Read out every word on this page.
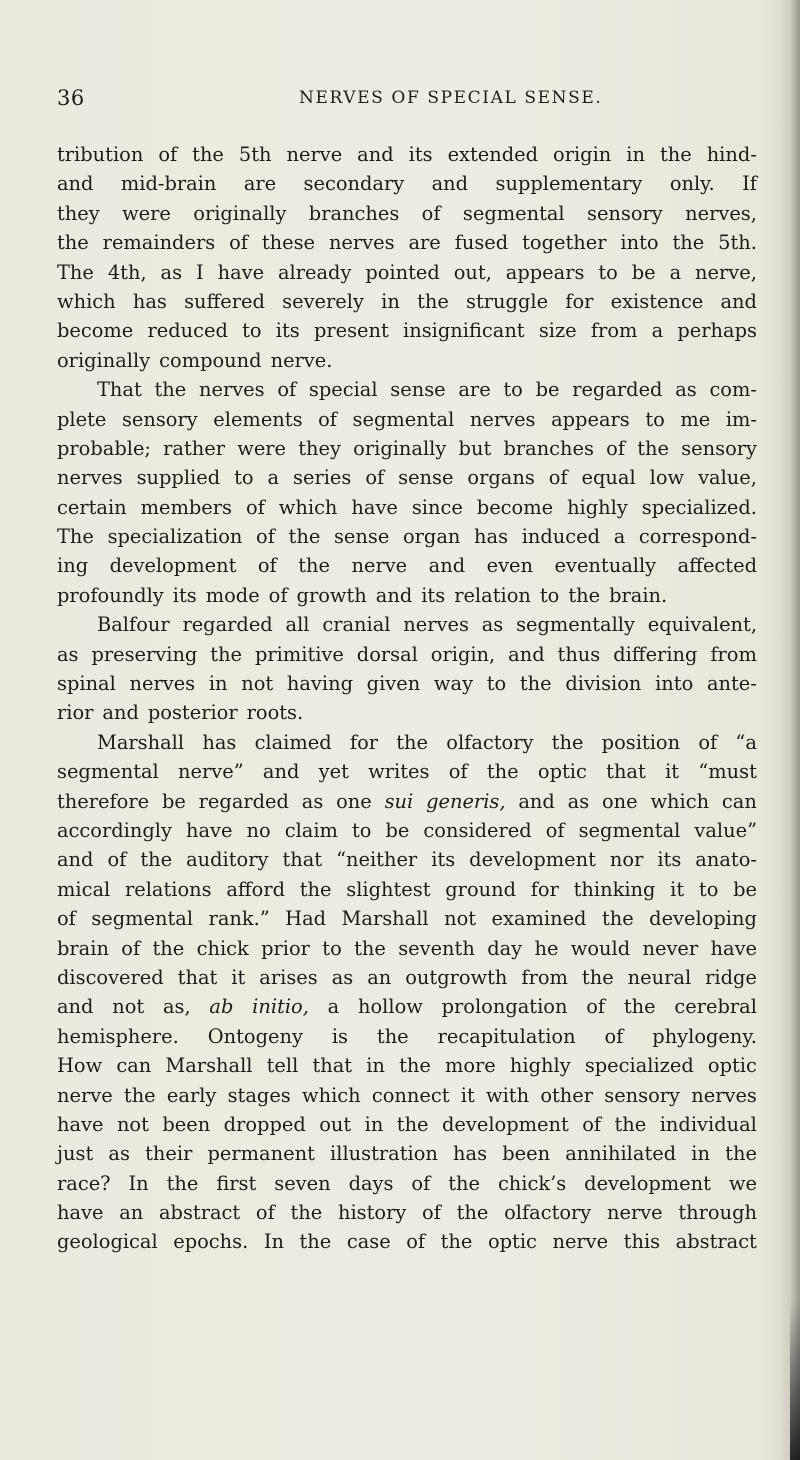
36	NERVES OF SPECIAL SENSE.
tribution of the 5th nerve and its extended origin in the hind-
and mid-brain are secondary and supplementary only. If
they were originally branches of segmental sensory nerves,
the remainders of these nerves are fused together into the 5th.
The 4th, as I have already pointed out, appears to be a nerve,
which has suffered severely in the struggle for existence and
become reduced to its present insignificant size from a perhaps
originally compound nerve.
That the nerves of special sense are to be regarded as com-
plete sensory elements of segmental nerves appears to me im-
probable; rather were they originally but branches of the sensory
nerves supplied to a series of sense organs of equal low value,
certain members of which have since become highly specialized.
The specialization of the sense organ has induced a correspond-
ing development of the nerve and even eventually affected
profoundly its mode of growth and its relation to the brain.
Balfour regarded all cranial nerves as segmentally equivalent,
as preserving the primitive dorsal origin, and thus differing from
spinal nerves in not having given way to the division into ante-
rior and posterior roots.
Marshall has claimed for the olfactory the position of “a
segmental nerve” and yet writes of the optic that it “must
therefore be regarded as one sui generis, and as one which can
accordingly have no claim to be considered of segmental value”
and of the auditory that “neither its development nor its anato-
mical relations afford the slightest ground for thinking it to be
of segmental rank.” Had Marshall not examined the developing
brain of the chick prior to the seventh day he would never have
discovered that it arises as an outgrowth from the neural ridge
and not as, ab initio, a hollow prolongation of the cerebral
hemisphere. Ontogeny is the recapitulation of phylogeny.
How can Marshall tell that in the more highly specialized optic
nerve the early stages which connect it with other sensory nerves
have not been dropped out in the development of the individual
just as their permanent illustration has been annihilated in the
race? In the first seven days of the chick’s development we
have an abstract of the history of the olfactory nerve through
geological epochs. In the case of the optic nerve this abstract
